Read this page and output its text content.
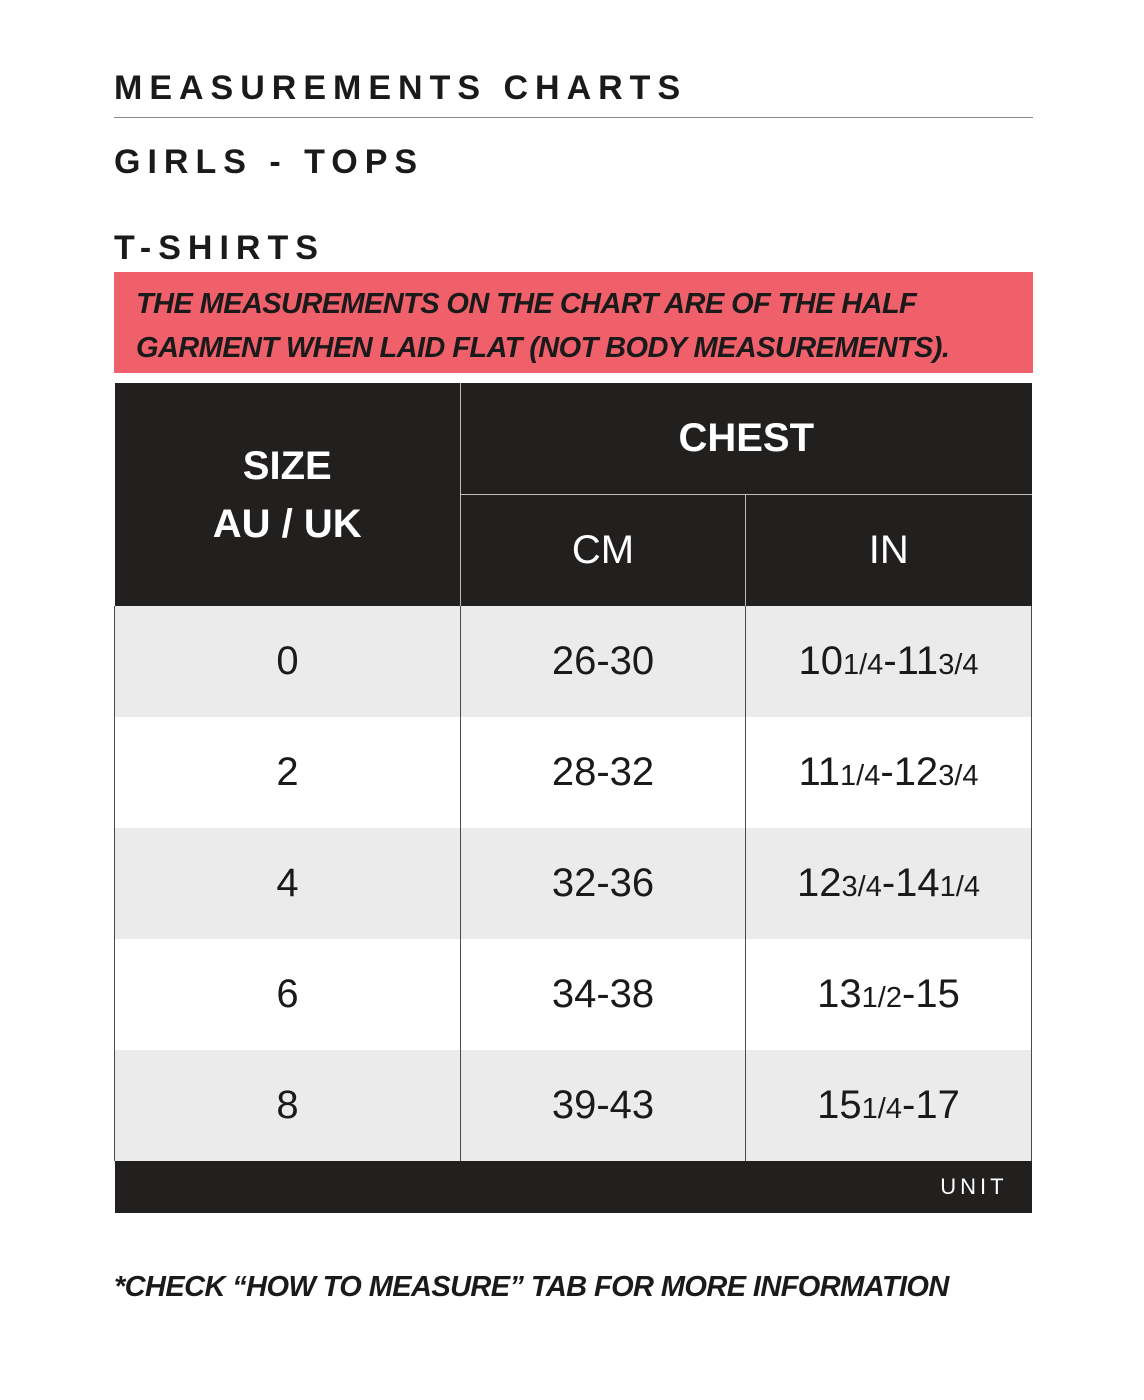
MEASUREMENTS CHARTS
GIRLS - TOPS
T-SHIRTS
THE MEASUREMENTS ON THE CHART ARE OF THE HALF GARMENT WHEN LAID FLAT (NOT BODY MEASUREMENTS).
SIZE
AU / UK	CHEST	
	CM	IN
0	26-30	101/4-113/4
2	28-32	111/4-123/4
4	32-36	123/4-141/4
6	34-38	131/2-15
8	39-43	151/4-17
UNIT		

*CHECK “HOW TO MEASURE” TAB FOR MORE INFORMATION
